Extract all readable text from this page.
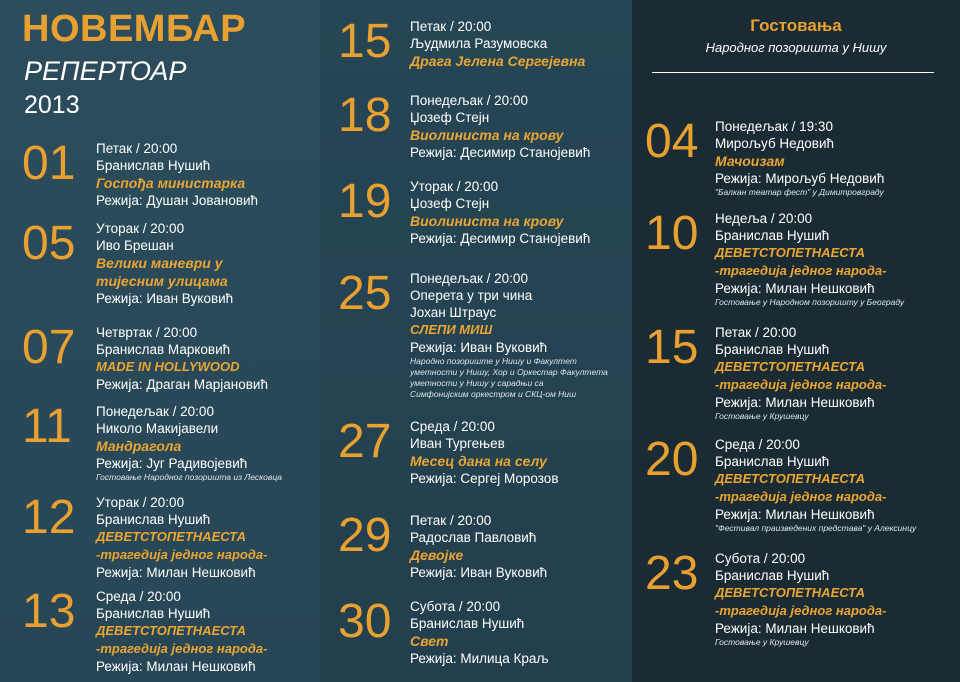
НОВЕМБАР
РЕПЕРТОАР
2013
01 Петак / 20:00
Бранислав Нушић
Госпођа министарка
Режија: Душан Јовановић
05 Уторак / 20:00
Иво Брешан
Велики маневри у
тијесним улицама
Режија: Иван Вуковић
07 Четвртак / 20:00
Бранислав Марковић
MADE IN HOLLYWOOD
Режија: Драган Марјановић
11 Понедељак / 20:00
Николо Макијавели
Мандрагола
Режија: Југ Радивојевић
Гостовање Народног позоришта из Лесковца
12 Уторак / 20:00
Бранислав Нушић
ДЕВЕТСТОПЕТНАЕСТА
-трагедија једног народа-
Режија: Милан Нешковић
13 Среда / 20:00
Бранислав Нушић
ДЕВЕТСТОПЕТНАЕСТА
-трагедија једног народа-
Режија: Милан Нешковић
15 Петак / 20:00
Људмила Разумовска
Драга Јелена Сергејевна
18 Понедељак / 20:00
Џозеф Стејн
Виолиниста на крову
Режија: Десимир Станојевић
19 Уторак / 20:00
Џозеф Стејн
Виолиниста на крову
Режија: Десимир Станојевић
25 Понедељак / 20:00
Оперета у три чина
Јохан Штраус
СЛЕПИ МИШ
Режија: Иван Вуковић
Народно позориште у Нишу и Факултет
уметности у Нишу, Хор и Оркестар Факултета
уметности у Нишу у сарадњи са
Симфонијским оркестром и СКЦ-ом Ниш
27 Среда / 20:00
Иван Тургењев
Месец дана на селу
Режија: Сергеј Морозов
29 Петак / 20:00
Радослав Павловић
Девојке
Режија: Иван Вуковић
30 Субота / 20:00
Бранислав Нушић
Свет
Режија: Милица Краљ
Гостовања
Народног позоришта у Нишу
04 Понедељак / 19:30
Мирољуб Недовић
Мачоизам
Режија: Мирољуб Недовић
"Балкан театар фест" у Димитровграду
10 Недеља / 20:00
Бранислав Нушић
ДЕВЕТСТОПЕТНАЕСТА
-трагедија једног народа-
Режија: Милан Нешковић
Гостовање у Народном позоришту у Београду
15 Петак / 20:00
Бранислав Нушић
ДЕВЕТСТОПЕТНАЕСТА
-трагедија једног народа-
Режија: Милан Нешковић
Гостовање у Крушевцу
20 Среда / 20:00
Бранислав Нушић
ДЕВЕТСТОПЕТНАЕСТА
-трагедија једног народа-
Режија: Милан Нешковић
"Фестивал праизведених представа" у Алексинцу
23 Субота / 20:00
Бранислав Нушић
ДЕВЕТСТОПЕТНАЕСТА
-трагедија једног народа-
Режија: Милан Нешковић
Гостовање у Крушевцу
